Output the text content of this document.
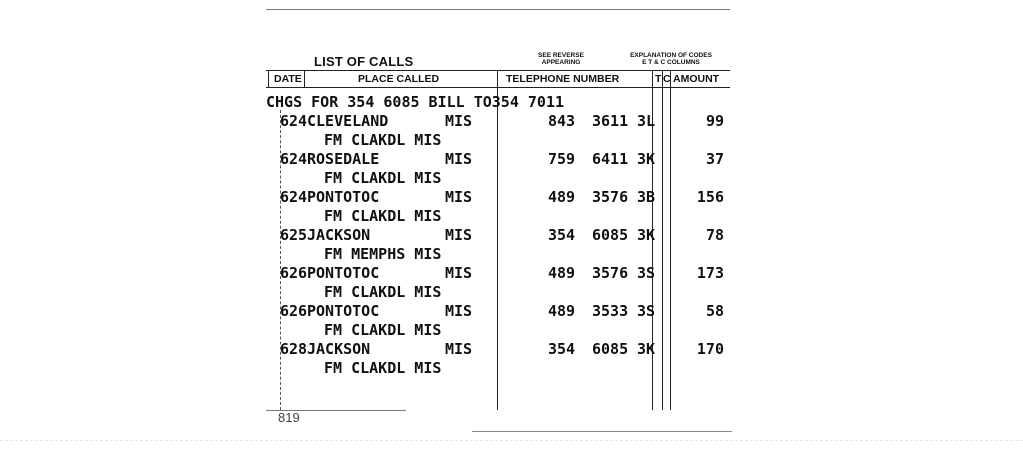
LIST OF CALLS	SEE REVERSE
APPEARING
EXPLANATION OF CODES
E T & C COLUMNS
DATE	PLACE CALLED	TELEPHONE NUMBER	T C AMOUNT
CHGS FOR 354 6085 BILL TO354 7011
624 CLEVELAND	MIS	843 3611 3L	99
FM CLAKDL MIS
624 ROSEDALE	MIS	759 6411 3K	37
FM CLAKDL MIS
624 PONTOTOC	MIS	489 3576 3B	156
FM CLAKDL MIS
625 JACKSON	MIS	354 6085 3K	78
FM MEMPHS MIS
626 PONTOTOC	MIS	489 3576 3S	173
FM CLAKDL MIS
626 PONTOTOC	MIS	489 3533 3S	58
FM CLAKDL MIS
628 JACKSON	MIS	354 6085 3K	170
FM CLAKDL MIS
819
